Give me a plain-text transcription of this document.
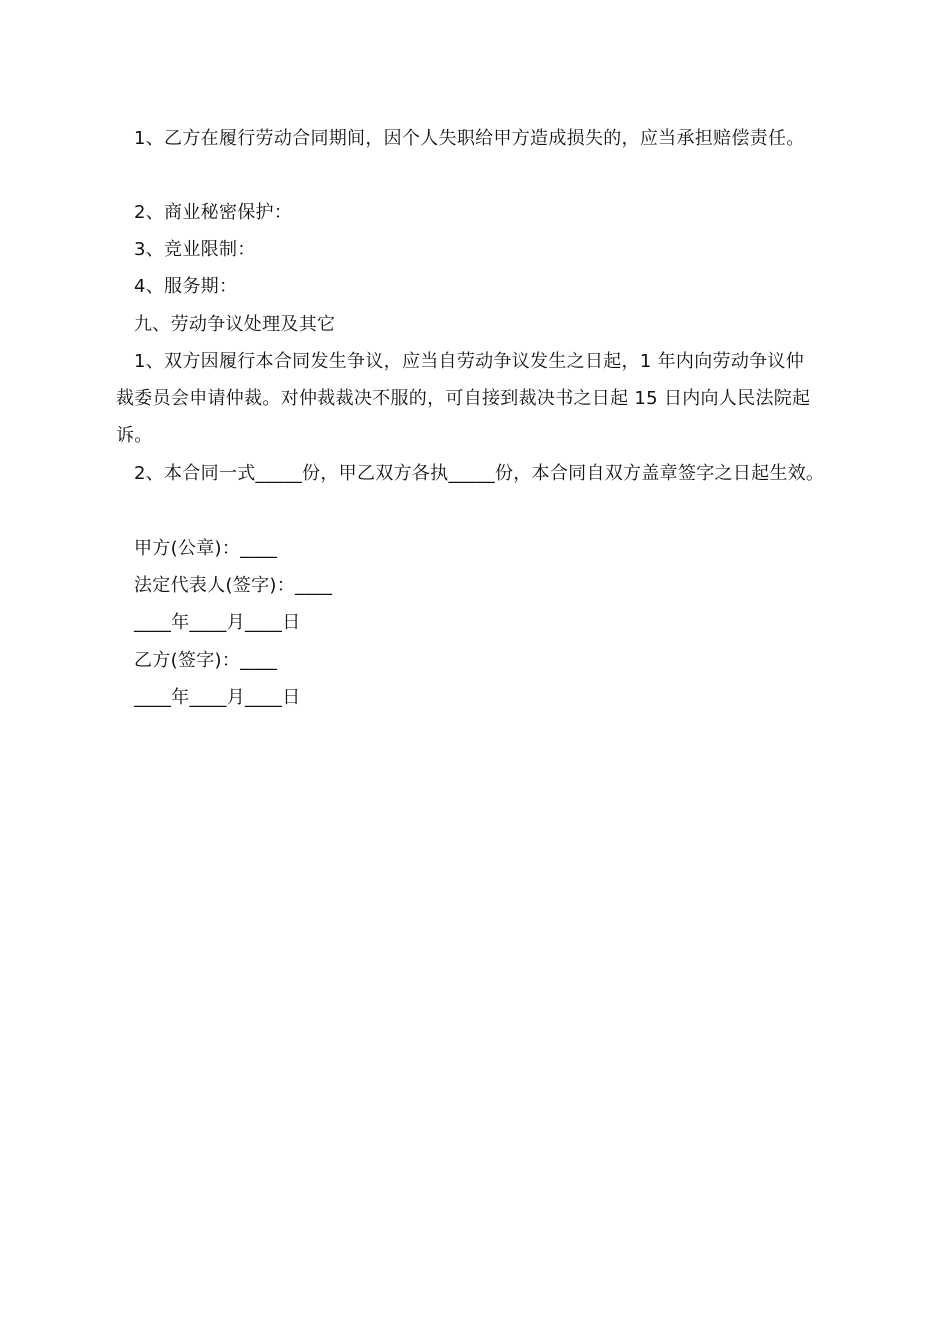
1、乙方在履行劳动合同期间，因个人失职给甲方造成损失的，应当承担赔偿责任。
2、商业秘密保护：
3、竞业限制：
4、服务期：
九、劳动争议处理及其它
1、双方因履行本合同发生争议，应当自劳动争议发生之日起，1 年内向劳动争议仲
裁委员会申请仲裁。对仲裁裁决不服的，可自接到裁决书之日起 15 日内向人民法院起
诉。
2、本合同一式_____份，甲乙双方各执_____份，本合同自双方盖章签字之日起生效。
甲方(公章)：____
法定代表人(签字)：____
____年____月____日
乙方(签字)：____
____年____月____日
